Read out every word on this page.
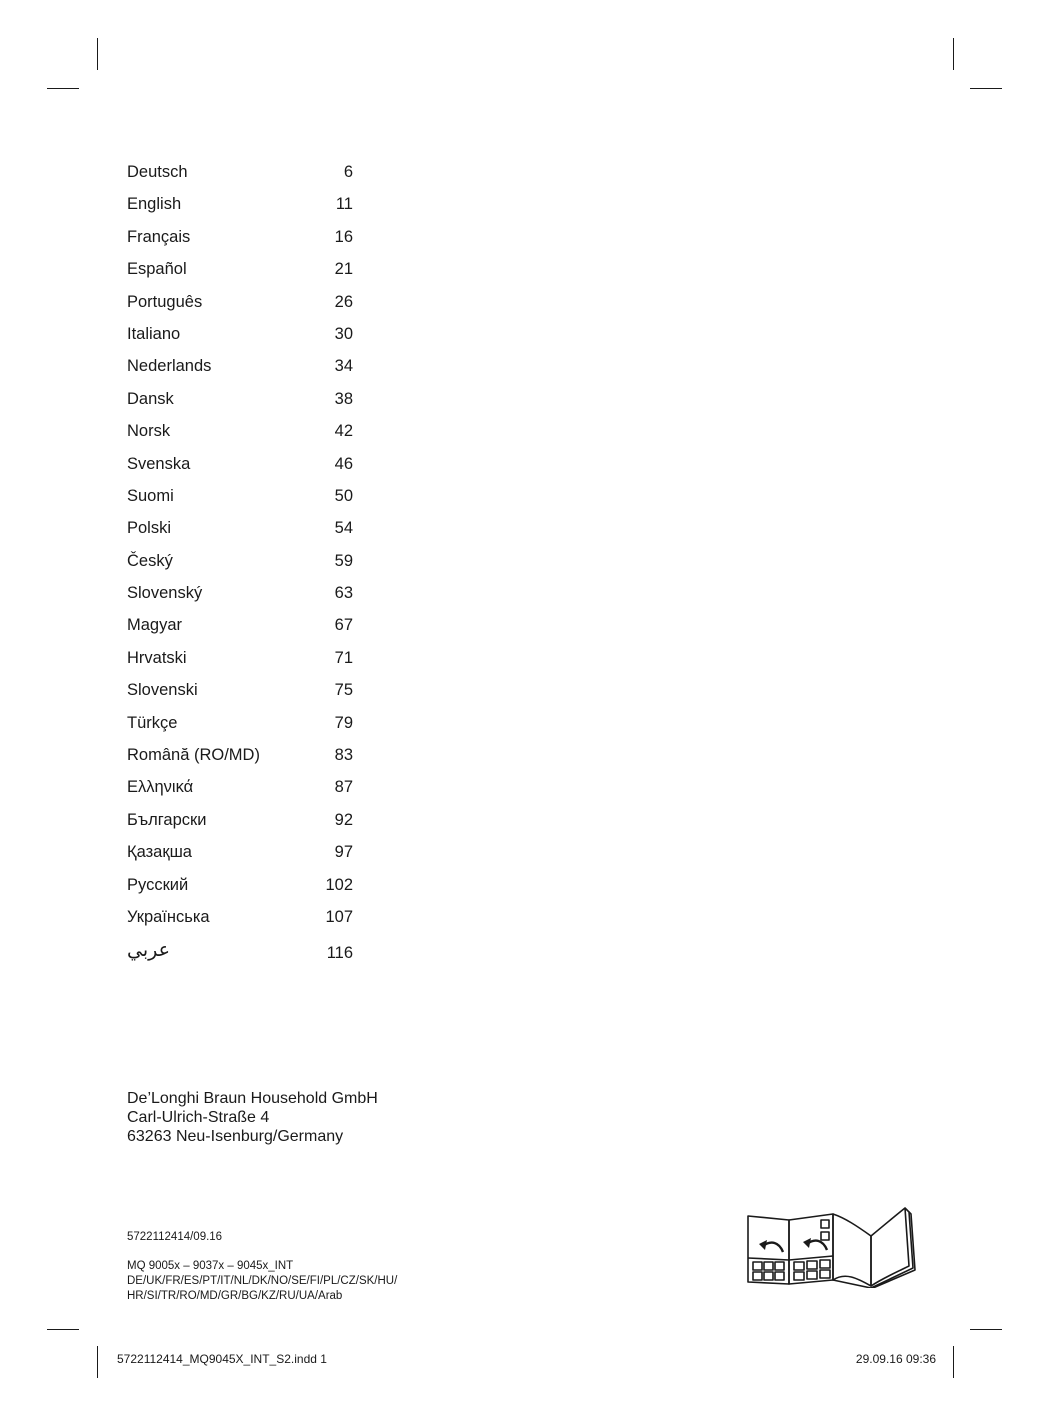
Deutsch	6
English	11
Français	16
Español	21
Português	26
Italiano	30
Nederlands	34
Dansk	38
Norsk	42
Svenska	46
Suomi	50
Polski	54
Český	59
Slovenský	63
Magyar	67
Hrvatski	71
Slovenski	75
Türkçe	79
Română (RO/MD)	83
Ελληνικά	87
Български	92
Қазақша	97
Русский	102
Українська	107
عربي	116
De’Longhi Braun Household GmbH
Carl-Ulrich-Straße 4
63263 Neu-Isenburg/Germany
5722112414/09.16
MQ 9005x – 9037x – 9045x_INT
DE/UK/FR/ES/PT/IT/NL/DK/NO/SE/FI/PL/CZ/SK/HU/
HR/SI/TR/RO/MD/GR/BG/KZ/RU/UA/Arab
5722112414_MQ9045X_INT_S2.indd 1	29.09.16 09:36
